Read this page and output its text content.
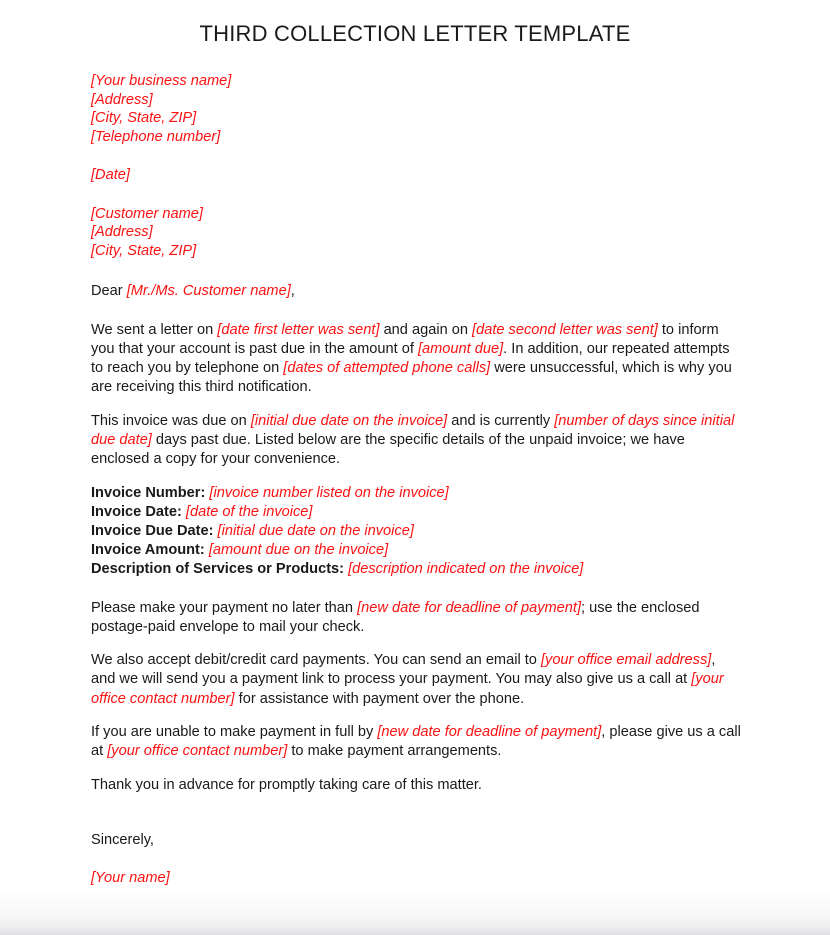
THIRD COLLECTION LETTER TEMPLATE
[Your business name]
[Address]
[City, State, ZIP]
[Telephone number]
[Date]
[Customer name]
[Address]
[City, State, ZIP]
Dear [Mr./Ms. Customer name],

We sent a letter on [date first letter was sent] and again on [date second letter was sent] to inform you that your account is past due in the amount of [amount due]. In addition, our repeated attempts to reach you by telephone on [dates of attempted phone calls] were unsuccessful, which is why you are receiving this third notification.

This invoice was due on [initial due date on the invoice] and is currently [number of days since initial due date] days past due. Listed below are the specific details of the unpaid invoice; we have enclosed a copy for your convenience.

Invoice Number: [invoice number listed on the invoice]
Invoice Date: [date of the invoice]
Invoice Due Date: [initial due date on the invoice]
Invoice Amount: [amount due on the invoice]
Description of Services or Products: [description indicated on the invoice]

Please make your payment no later than [new date for deadline of payment]; use the enclosed postage-paid envelope to mail your check.

We also accept debit/credit card payments. You can send an email to [your office email address], and we will send you a payment link to process your payment. You may also give us a call at [your office contact number] for assistance with payment over the phone.

If you are unable to make payment in full by [new date for deadline of payment], please give us a call at [your office contact number] to make payment arrangements.

Thank you in advance for promptly taking care of this matter.

Sincerely,
[Your name]
